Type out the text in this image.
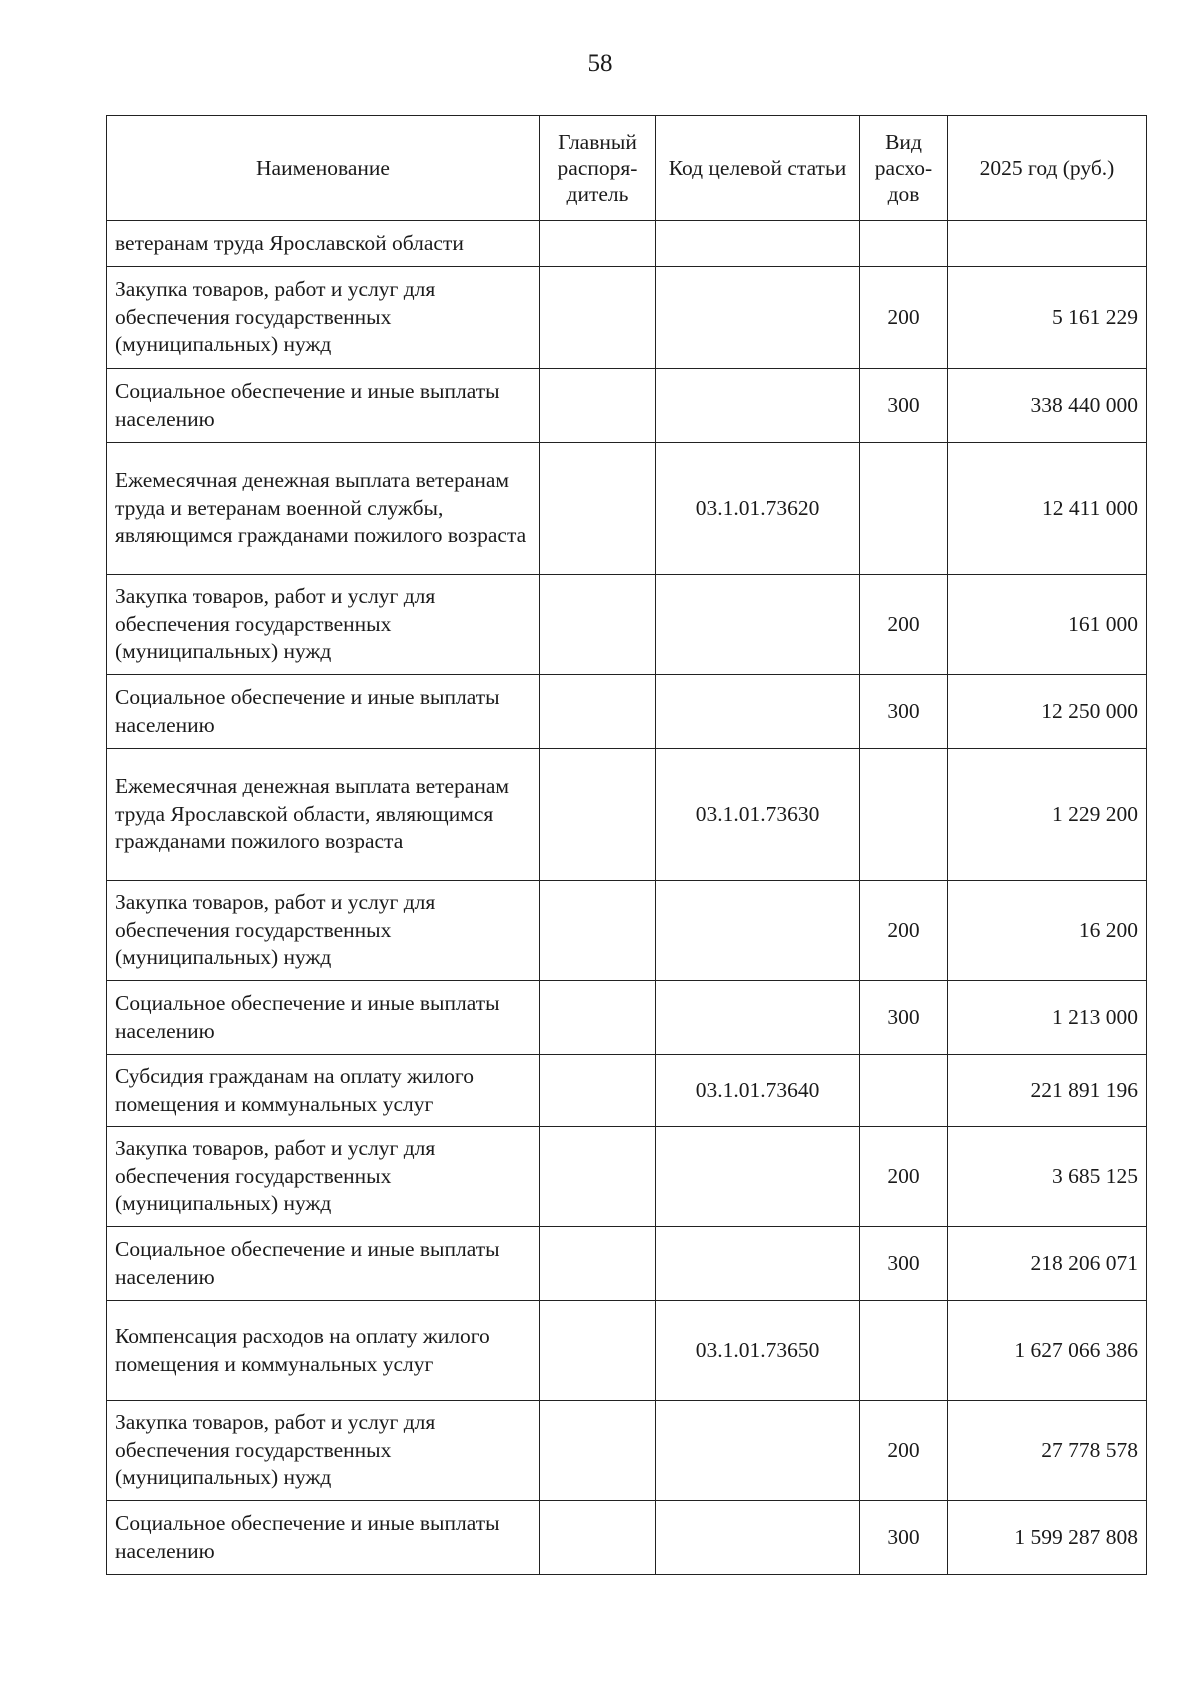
58
Наименование	Главный распоря-дитель	Код целевой статьи	Вид расхо-дов	2025 год (руб.)
ветеранам труда Ярославской области				
Закупка товаров, работ и услуг для обеспечения государственных (муниципальных) нужд			200	5 161 229
Социальное обеспечение и иные выплаты населению			300	338 440 000
Ежемесячная денежная выплата ветеранам труда и ветеранам военной службы, являющимся гражданами пожилого возраста		03.1.01.73620		12 411 000
Закупка товаров, работ и услуг для обеспечения государственных (муниципальных) нужд			200	161 000
Социальное обеспечение и иные выплаты населению			300	12 250 000
Ежемесячная денежная выплата ветеранам труда Ярославской области, являющимся гражданами пожилого возраста		03.1.01.73630		1 229 200
Закупка товаров, работ и услуг для обеспечения государственных (муниципальных) нужд			200	16 200
Социальное обеспечение и иные выплаты населению			300	1 213 000
Субсидия гражданам на оплату жилого помещения и коммунальных услуг		03.1.01.73640		221 891 196
Закупка товаров, работ и услуг для обеспечения государственных (муниципальных) нужд			200	3 685 125
Социальное обеспечение и иные выплаты населению			300	218 206 071
Компенсация расходов на оплату жилого помещения и коммунальных услуг		03.1.01.73650		1 627 066 386
Закупка товаров, работ и услуг для обеспечения государственных (муниципальных) нужд			200	27 778 578
Социальное обеспечение и иные выплаты населению			300	1 599 287 808
